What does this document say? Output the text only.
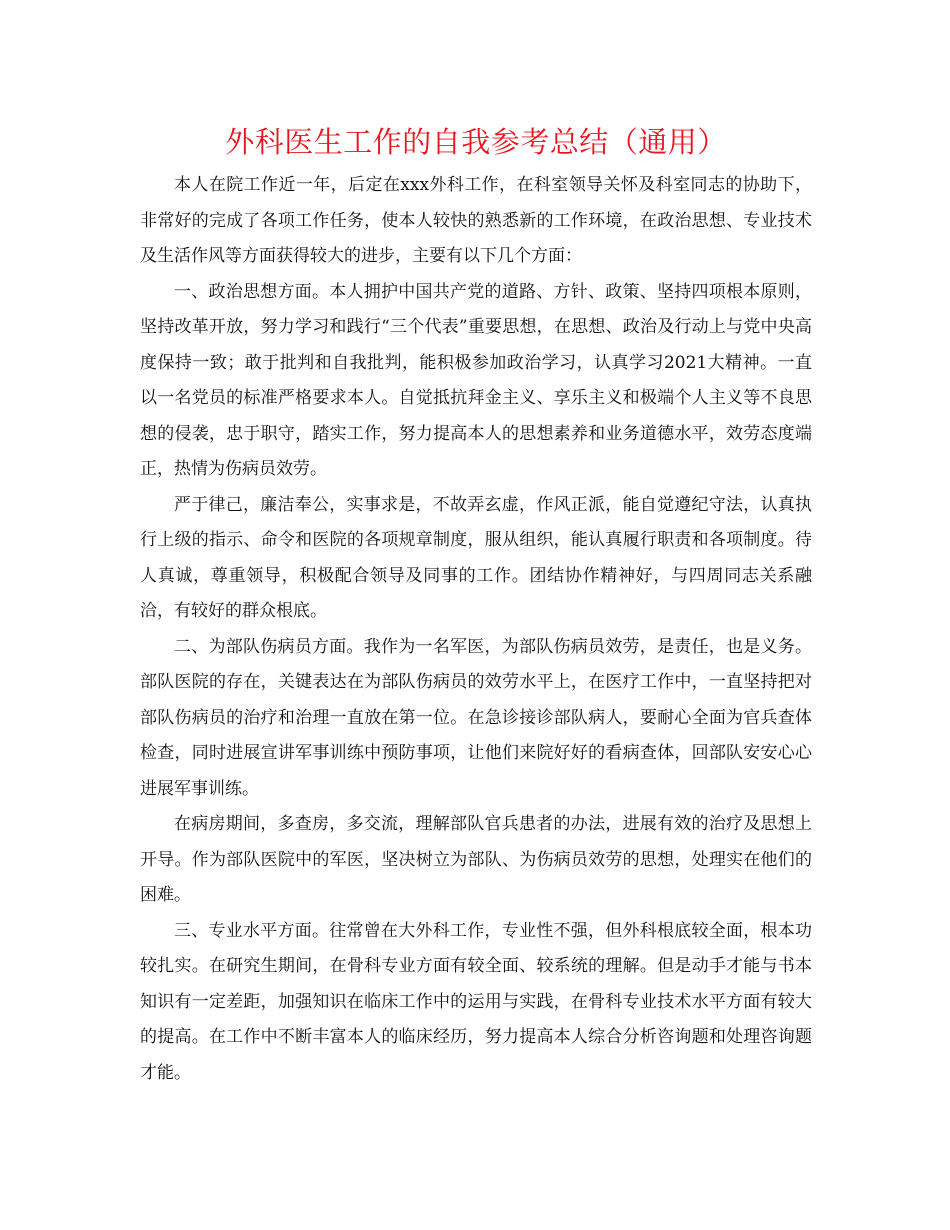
外科医生工作的自我参考总结（通用）

本人在院工作近一年，后定在xxx外科工作，在科室领导关怀及科室同志的协助下，非常好的完成了各项工作任务，使本人较快的熟悉新的工作环境，在政治思想、专业技术及生活作风等方面获得较大的进步，主要有以下几个方面：

一、政治思想方面。本人拥护中国共产党的道路、方针、政策、坚持四项根本原则，坚持改革开放，努力学习和践行“三个代表”重要思想，在思想、政治及行动上与党中央高度保持一致；敢于批判和自我批判，能积极参加政治学习，认真学习2021大精神。一直以一名党员的标准严格要求本人。自觉抵抗拜金主义、享乐主义和极端个人主义等不良思想的侵袭，忠于职守，踏实工作，努力提高本人的思想素养和业务道德水平，效劳态度端正，热情为伤病员效劳。

严于律己，廉洁奉公，实事求是，不故弄玄虚，作风正派，能自觉遵纪守法，认真执行上级的指示、命令和医院的各项规章制度，服从组织，能认真履行职责和各项制度。待人真诚，尊重领导，积极配合领导及同事的工作。团结协作精神好，与四周同志关系融洽，有较好的群众根底。

二、为部队伤病员方面。我作为一名军医，为部队伤病员效劳，是责任，也是义务。部队医院的存在，关键表达在为部队伤病员的效劳水平上，在医疗工作中，一直坚持把对部队伤病员的治疗和治理一直放在第一位。在急诊接诊部队病人，要耐心全面为官兵查体检查，同时进展宣讲军事训练中预防事项，让他们来院好好的看病查体，回部队安安心心进展军事训练。

在病房期间，多查房，多交流，理解部队官兵患者的办法，进展有效的治疗及思想上开导。作为部队医院中的军医，坚决树立为部队、为伤病员效劳的思想，处理实在他们的困难。

三、专业水平方面。往常曾在大外科工作，专业性不强，但外科根底较全面，根本功较扎实。在研究生期间，在骨科专业方面有较全面、较系统的理解。但是动手才能与书本知识有一定差距，加强知识在临床工作中的运用与实践，在骨科专业技术水平方面有较大的提高。在工作中不断丰富本人的临床经历，努力提高本人综合分析咨询题和处理咨询题才能。
